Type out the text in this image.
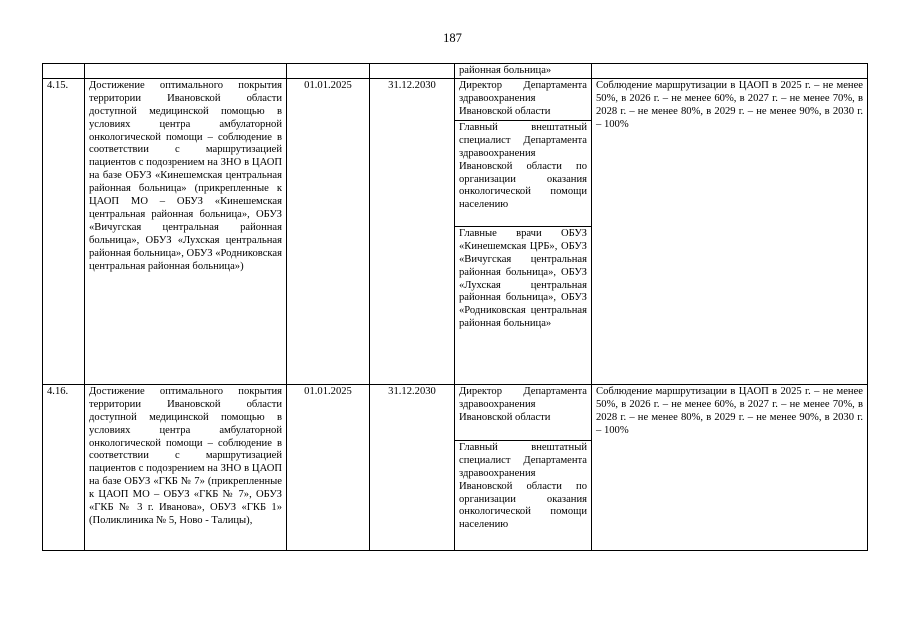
187
				районная больница»	
4.15.	Достижение оптимального покрытия территории Ивановской области доступной медицинской помощью в условиях центра амбулаторной онкологической помощи – соблюдение в соответствии с маршрутизацией пациентов с подозрением на ЗНО в ЦАОП на базе ОБУЗ «Кинешемская центральная районная больница» (прикрепленные к ЦАОП МО – ОБУЗ «Кинешемская центральная районная больница», ОБУЗ «Вичугская центральная районная больница», ОБУЗ «Лухская центральная районная больница», ОБУЗ «Родниковская центральная районная больница»)	01.01.2025	31.12.2030	Директор Департамента здравоохранения Ивановской области	Соблюдение маршрутизации в ЦАОП в 2025 г. – не менее 50%, в 2026 г. – не менее 60%, в 2027 г. – не менее 70%, в 2028 г. – не менее 80%, в 2029 г. – не менее 90%, в 2030 г. – 100%
				Главный внештатный специалист Департамента здравоохранения Ивановской области по организации оказания онкологической помощи населению	
				Главные врачи ОБУЗ «Кинешемская ЦРБ», ОБУЗ «Вичугская центральная районная больница», ОБУЗ «Лухская центральная районная больница», ОБУЗ «Родниковская центральная районная больница»	
4.16.	Достижение оптимального покрытия территории Ивановской области доступной медицинской помощью в условиях центра амбулаторной онкологической помощи – соблюдение в соответствии с маршрутизацией пациентов с подозрением на ЗНО в ЦАОП на базе ОБУЗ «ГКБ № 7» (прикрепленные к ЦАОП МО – ОБУЗ «ГКБ № 7», ОБУЗ «ГКБ № 3 г. Иванова», ОБУЗ «ГКБ 1» (Поликлиника № 5, Ново - Талицы),	01.01.2025	31.12.2030	Директор Департамента здравоохранения Ивановской области	Соблюдение маршрутизации в ЦАОП в 2025 г. – не менее 50%, в 2026 г. – не менее 60%, в 2027 г. – не менее 70%, в 2028 г. – не менее 80%, в 2029 г. – не менее 90%, в 2030 г. – 100%
				Главный внештатный специалист Департамента здравоохранения Ивановской области по организации оказания онкологической помощи населению	
